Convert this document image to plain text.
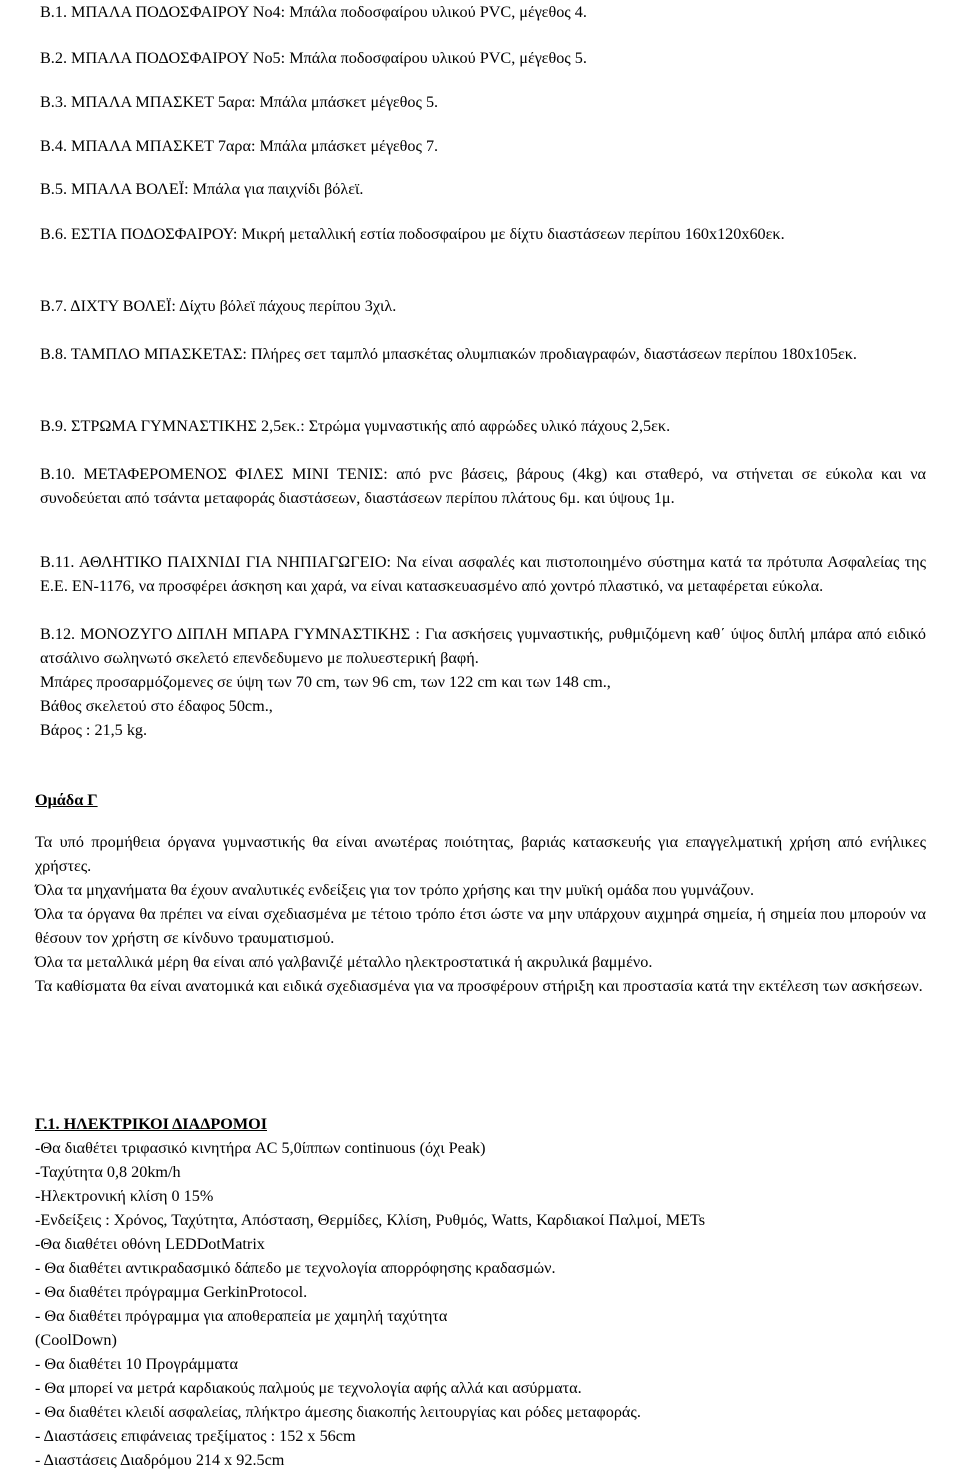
Β.1. ΜΠΑΛΑ ΠΟΔΟΣΦΑΙΡΟΥ Νο4: Μπάλα ποδοσφαίρου υλικού PVC, μέγεθος 4.
Β.2. ΜΠΑΛΑ ΠΟΔΟΣΦΑΙΡΟΥ Νο5: Μπάλα ποδοσφαίρου υλικού PVC, μέγεθος 5.
Β.3. ΜΠΑΛΑ ΜΠΑΣΚΕΤ 5αρα: Μπάλα μπάσκετ μέγεθος 5.
Β.4. ΜΠΑΛΑ ΜΠΑΣΚΕΤ 7αρα: Μπάλα μπάσκετ μέγεθος 7.
Β.5. ΜΠΑΛΑ ΒΟΛΕΪ: Μπάλα για παιχνίδι βόλεϊ.
Β.6. ΕΣΤΙΑ ΠΟΔΟΣΦΑΙΡΟΥ: Μικρή μεταλλική εστία ποδοσφαίρου με δίχτυ διαστάσεων περίπου 160x120x60εκ.
Β.7. ΔΙΧΤΥ ΒΟΛΕΪ: Δίχτυ βόλεϊ πάχους περίπου 3χιλ.
Β.8. ΤΑΜΠΛΟ ΜΠΑΣΚΕΤΑΣ: Πλήρες σετ ταμπλό μπασκέτας ολυμπιακών προδιαγραφών, διαστάσεων περίπου 180x105εκ.
Β.9. ΣΤΡΩΜΑ ΓΥΜΝΑΣΤΙΚΗΣ 2,5εκ.: Στρώμα γυμναστικής από αφρώδες υλικό πάχους 2,5εκ.
Β.10. ΜΕΤΑΦΕΡΟΜΕΝΟΣ ΦΙΛΕΣ ΜΙΝΙ ΤΕΝΙΣ: από pvc βάσεις, βάρους (4kg) και σταθερό, να στήνεται σε εύκολα και να συνοδεύεται από τσάντα μεταφοράς διαστάσεων, διαστάσεων περίπου πλάτους 6μ. και ύψους 1μ.
Β.11. ΑΘΛΗΤΙΚΟ ΠΑΙΧΝΙΔΙ ΓΙΑ ΝΗΠΙΑΓΩΓΕΙΟ: Να είναι ασφαλές και πιστοποιημένο σύστημα κατά τα πρότυπα Ασφαλείας της Ε.Ε. ΕΝ-1176, να προσφέρει άσκηση και χαρά, να είναι κατασκευασμένο από χοντρό πλαστικό, να μεταφέρεται εύκολα.
Β.12. ΜΟΝΟΖΥΓΟ ΔΙΠΛΗ ΜΠΑΡΑ ΓΥΜΝΑΣΤΙΚΗΣ : Για ασκήσεις γυμναστικής, ρυθμιζόμενη καθ΄ ύψος διπλή μπάρα από ειδικό ατσάλινο σωληνωτό σκελετό επενδεδυμενο με πολυεστερική βαφή.
Μπάρες προσαρμόζομενες σε ύψη των 70 cm, των 96 cm, των 122 cm και των 148 cm.,
Βάθος σκελετού στο έδαφος 50cm.,
Βάρος : 21,5 kg.
Ομάδα Γ
Τα υπό προμήθεια όργανα γυμναστικής θα είναι ανωτέρας ποιότητας, βαριάς κατασκευής για επαγγελματική χρήση από ενήλικες χρήστες.
Όλα τα μηχανήματα θα έχουν αναλυτικές ενδείξεις για τον τρόπο χρήσης και την μυϊκή ομάδα που γυμνάζουν.
Όλα τα όργανα θα πρέπει να είναι σχεδιασμένα με τέτοιο τρόπο έτσι ώστε να μην υπάρχουν αιχμηρά σημεία, ή σημεία που μπορούν να θέσουν τον χρήστη σε κίνδυνο τραυματισμού.
Όλα τα μεταλλικά μέρη θα είναι από γαλβανιζέ μέταλλο ηλεκτροστατικά ή ακρυλικά βαμμένο.
Τα καθίσματα θα είναι ανατομικά και ειδικά σχεδιασμένα για να προσφέρουν στήριξη και προστασία κατά την εκτέλεση των ασκήσεων.
Γ.1. ΗΛΕΚΤΡΙΚΟΙ ΔΙΑΔΡΟΜΟΙ
-Θα διαθέτει τριφασικό κινητήρα AC 5,0ίππων continuous (όχι Peak)
-Ταχύτητα 0,8 20km/h
-Ηλεκτρονική κλίση 0 15%
-Ενδείξεις : Χρόνος, Ταχύτητα, Απόσταση, Θερμίδες, Κλίση, Ρυθμός, Watts, Καρδιακοί Παλμοί, METs
-Θα διαθέτει οθόνη LEDDotMatrix
- Θα διαθέτει αντικραδασμικό δάπεδο με τεχνολογία απορρόφησης κραδασμών.
- Θα διαθέτει πρόγραμμα GerkinProtocol.
- Θα διαθέτει πρόγραμμα για αποθεραπεία με χαμηλή ταχύτητα
(CoolDown)
- Θα διαθέτει 10 Προγράμματα
- Θα μπορεί να μετρά καρδιακούς παλμούς με τεχνολογία αφής αλλά και ασύρματα.
- Θα διαθέτει κλειδί ασφαλείας, πλήκτρο άμεσης διακοπής λειτουργίας και ρόδες μεταφοράς.
- Διαστάσεις επιφάνειας τρεξίματος : 152 x 56cm
- Διαστάσεις Διαδρόμου 214 x 92.5cm
